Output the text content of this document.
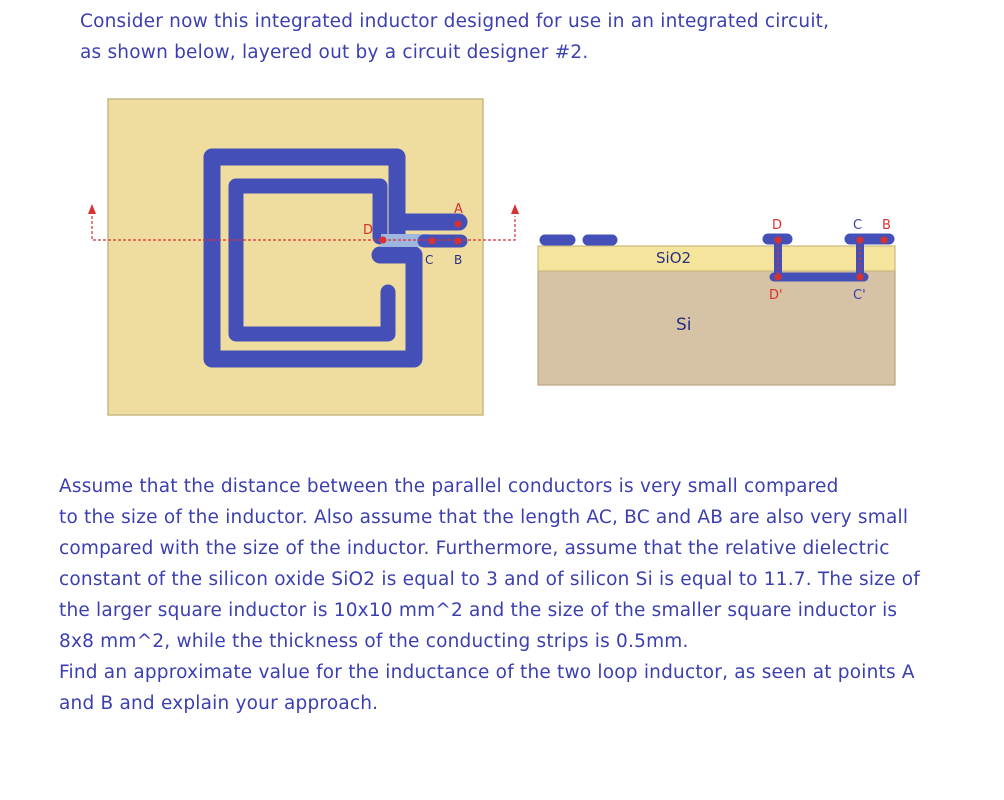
Consider now this integrated inductor designed for use in an integrated circuit,
as shown below, layered out by a circuit designer #2.
D
A
C B
D
D'
C
C'
B
SiO2
Si
Assume that the distance between the parallel conductors is very small compared
to the size of the inductor. Also assume that the length AC, BC and AB are also very small
compared with the size of the inductor. Furthermore, assume that the relative dielectric
constant of the silicon oxide SiO2 is equal to 3 and of silicon Si is equal to 11.7. The size of
the larger square inductor is 10x10 mm^2 and the size of the smaller square inductor is
8x8 mm^2, while the thickness of the conducting strips is 0.5mm.
Find an approximate value for the inductance of the two loop inductor, as seen at points A
and B and explain your approach.
